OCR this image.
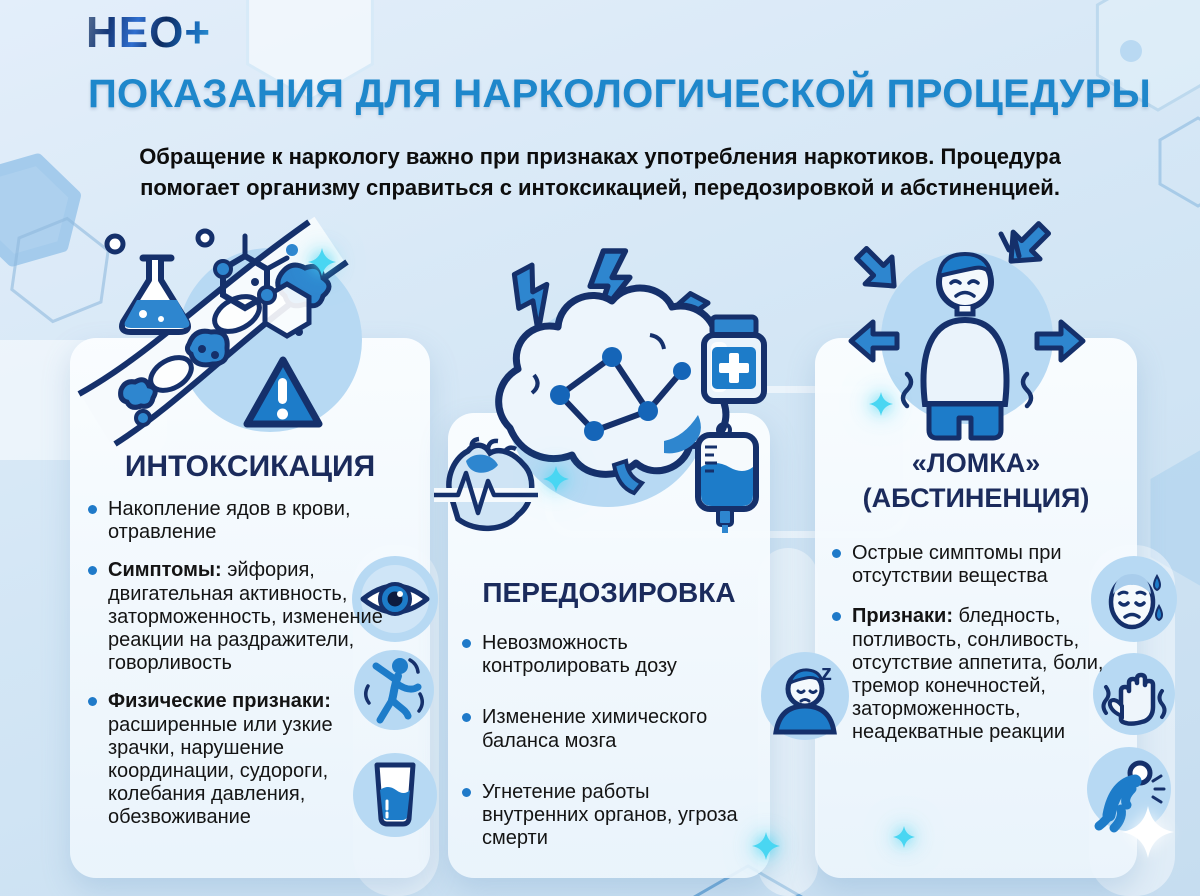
НЕО+
ПОКАЗАНИЯ ДЛЯ НАРКОЛОГИЧЕСКОЙ ПРОЦЕДУРЫ

Обращение к наркологу важно при признаках употребления наркотиков. Процедура
помогает организму справиться с интоксикацией, передозировкой и абстиненцией.

z
ИНТОКСИКАЦИЯ
ПЕРЕДОЗИРОВКА
«ЛОМКА» (АБСТИНЕНЦИЯ)

Накопление ядов в крови, отравление

Симптомы: эйфория, двигательная активность, заторможенность, изменение реакции на раздражители, говорливость

Физические признаки: расширенные или узкие зрачки, нарушение координации, судороги, колебания давления, обезвоживание

Невозможность контролировать дозу

Изменение химического баланса мозга

Угнетение работы внутренних органов, угроза смерти

Острые симптомы при отсутствии вещества

Признаки: бледность, потливость, сонливость, отсутствие аппетита, боли, тремор конечностей, заторможенность, неадекватные реакции
